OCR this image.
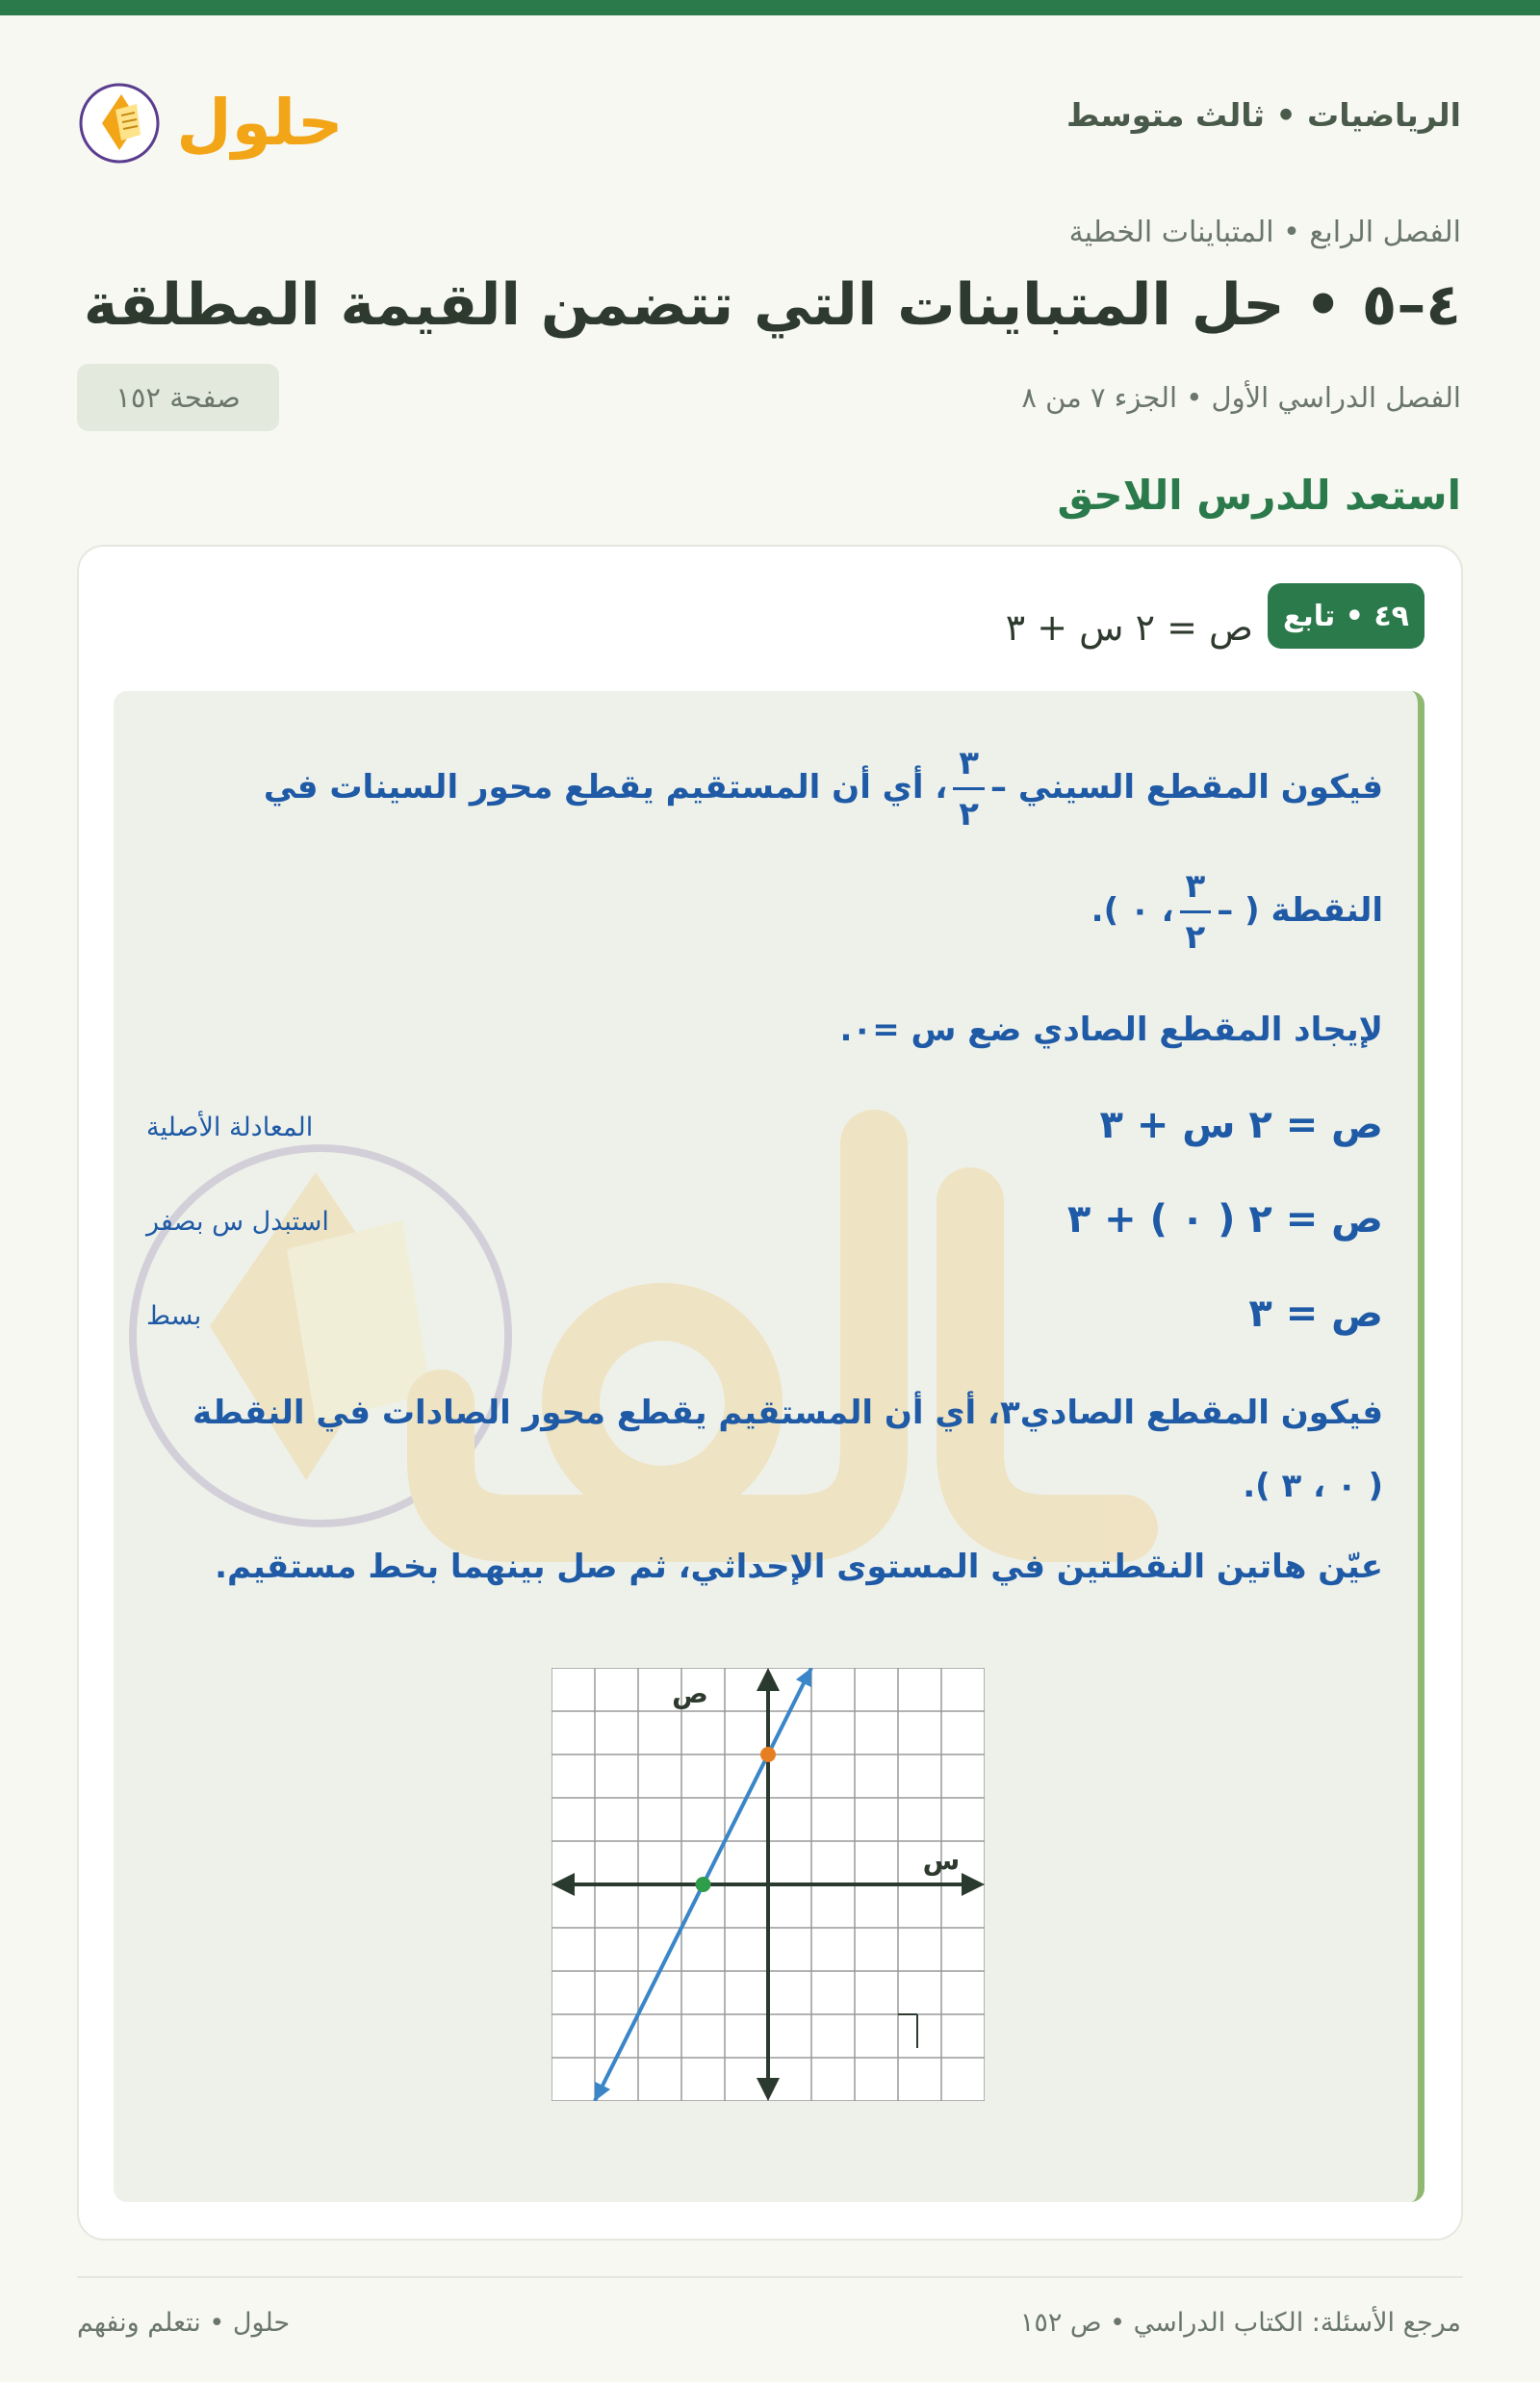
الرياضيات • ثالث متوسط
حلول
الفصل الرابع • المتباينات الخطية
٤–٥ • حل المتباينات التي تتضمن القيمة المطلقة
الفصل الدراسي الأول • الجزء ٧ من ٨
صفحة ١٥٢
استعد للدرس اللاحق
٤٩ • تابع
ص = ٢ س + ٣
فيكون المقطع السيني –
$\frac{٣}{٢}$
، أي أن المستقيم يقطع محور السينات في
النقطة ( –
$\frac{٣}{٢}$
، ٠ ).
لإيجاد المقطع الصادي ضع س =٠.
ص = ٢ س + ٣
المعادلة الأصلية
ص = ٢ ( ٠ ) + ٣
استبدل س بصفر
ص = ٣
بسط
فيكون المقطع الصادي٣، أي أن المستقيم يقطع محور الصادات في النقطة
( ٠ ، ٣ ).
عيّن هاتين النقطتين في المستوى الإحداثي، ثم صل بينهما بخط مستقيم.
س
ص
مرجع الأسئلة: الكتاب الدراسي • ص ١٥٢
حلول • نتعلم ونفهم
